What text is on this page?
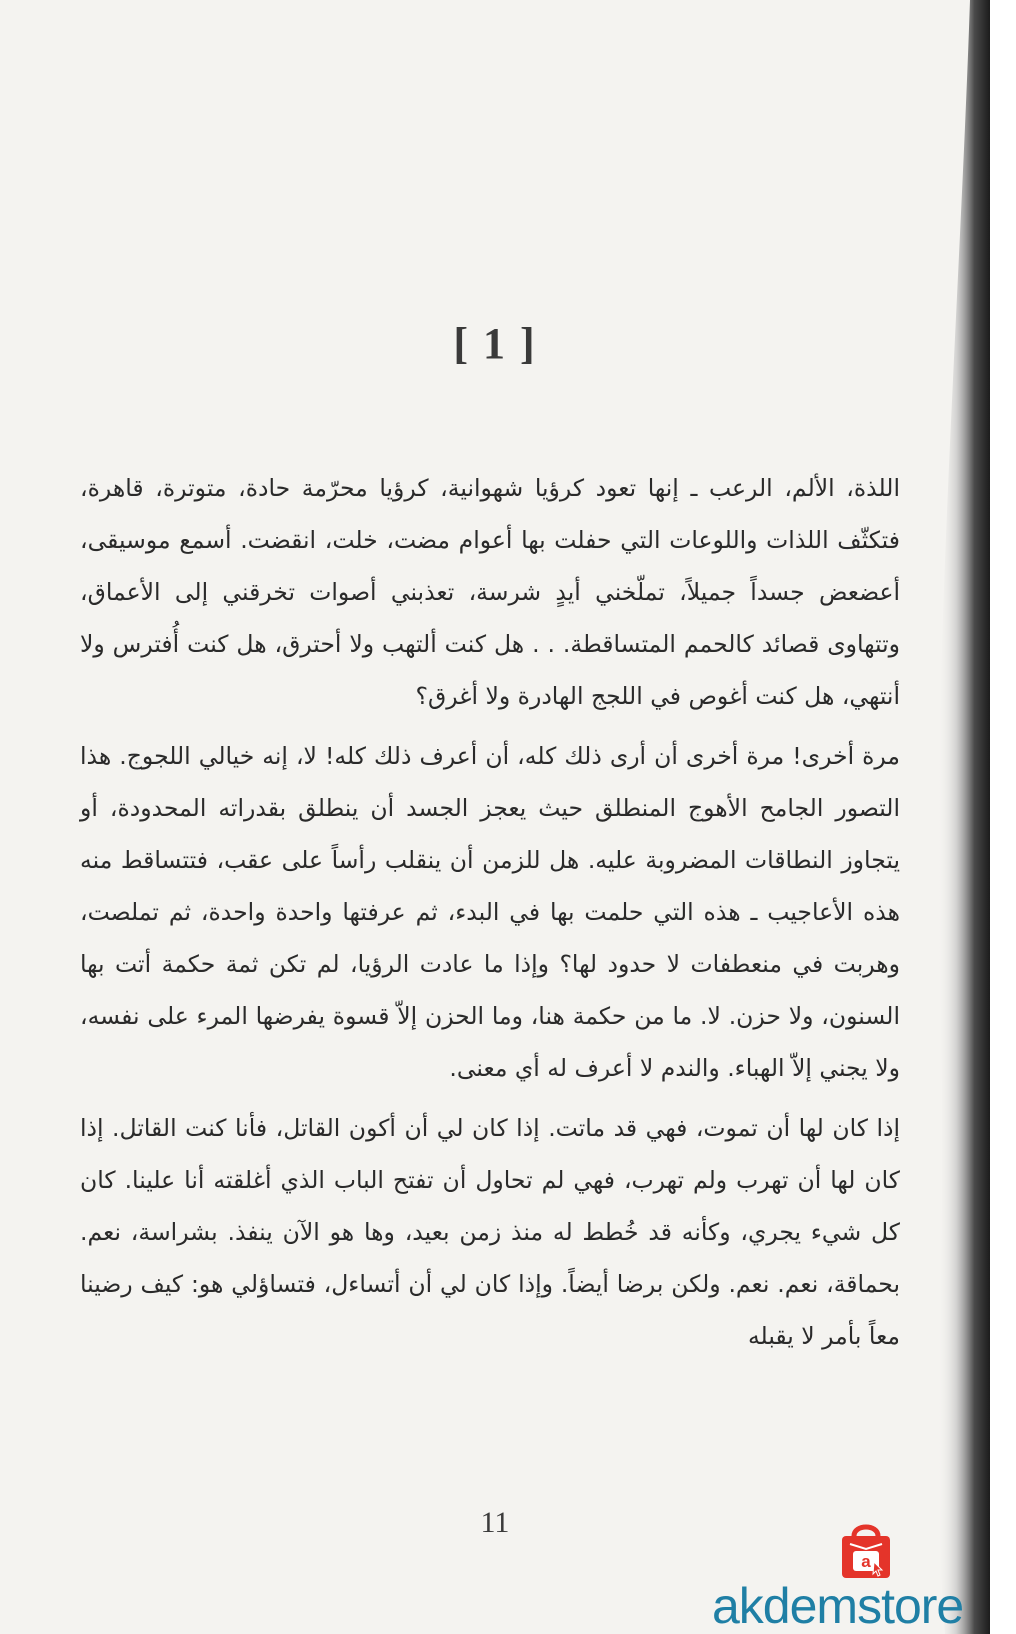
[ 1 ]

اللذة، الألم، الرعب ـ إنها تعود كرؤيا شهوانية، كرؤيا محرّمة حادة، متوترة، قاهرة، فتكثّف اللذات واللوعات التي حفلت بها أعوام مضت، خلت، انقضت. أسمع موسيقى، أعضعض جسداً جميلاً، تملّخني أيدٍ شرسة، تعذبني أصوات تخرقني إلى الأعماق، وتتهاوى قصائد كالحمم المتساقطة. . . هل كنت ألتهب ولا أحترق، هل كنت أُفترس ولا أنتهي، هل كنت أغوص في اللجج الهادرة ولا أغرق؟

مرة أخرى! مرة أخرى أن أرى ذلك كله، أن أعرف ذلك كله! لا، إنه خيالي اللجوج. هذا التصور الجامح الأهوج المنطلق حيث يعجز الجسد أن ينطلق بقدراته المحدودة، أو يتجاوز النطاقات المضروبة عليه. هل للزمن أن ينقلب رأساً على عقب، فتتساقط منه هذه الأعاجيب ـ هذه التي حلمت بها في البدء، ثم عرفتها واحدة واحدة، ثم تملصت، وهربت في منعطفات لا حدود لها؟ وإذا ما عادت الرؤيا، لم تكن ثمة حكمة أتت بها السنون، ولا حزن. لا. ما من حكمة هنا، وما الحزن إلاّ قسوة يفرضها المرء على نفسه، ولا يجني إلاّ الهباء. والندم لا أعرف له أي معنى.

إذا كان لها أن تموت، فهي قد ماتت. إذا كان لي أن أكون القاتل، فأنا كنت القاتل. إذا كان لها أن تهرب ولم تهرب، فهي لم تحاول أن تفتح الباب الذي أغلقته أنا علينا. كان كل شيء يجري، وكأنه قد خُطط له منذ زمن بعيد، وها هو الآن ينفذ. بشراسة، نعم. بحماقة، نعم. نعم. ولكن برضا أيضاً. وإذا كان لي أن أتساءل، فتساؤلي هو: كيف رضينا معاً بأمر لا يقبله

11
a
akdemstore
